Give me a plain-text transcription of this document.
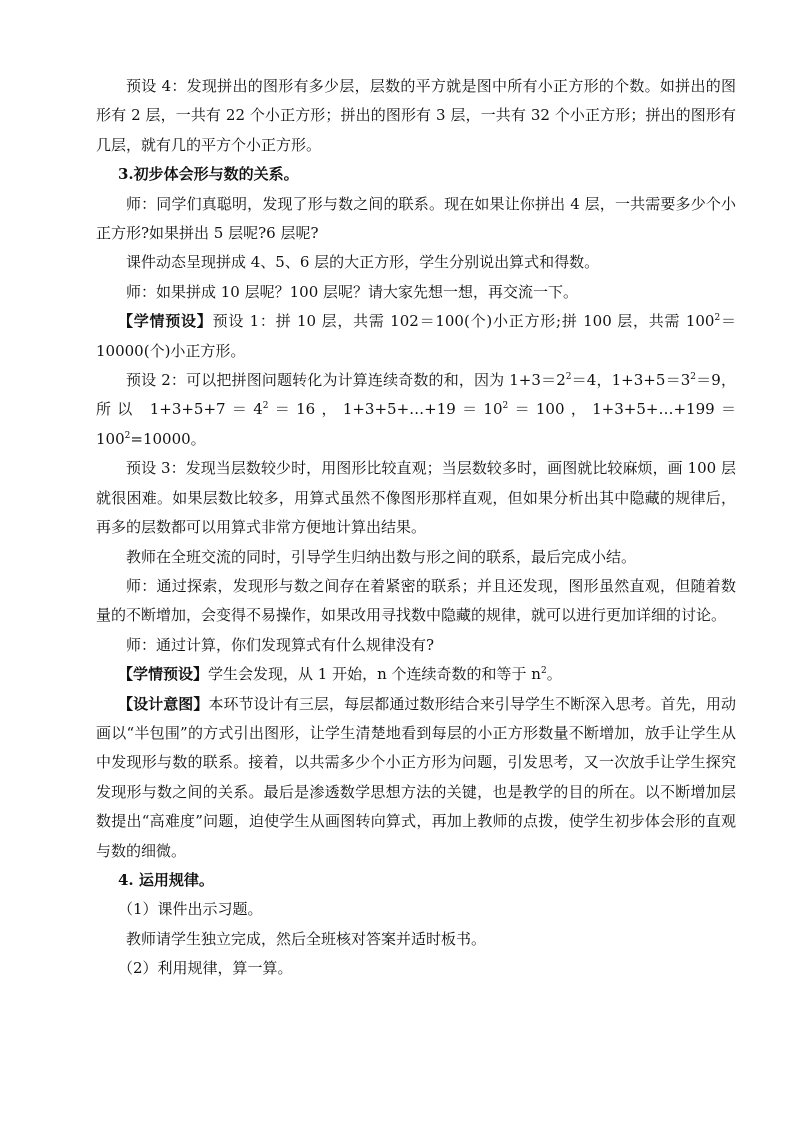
预设 4：发现拼出的图形有多少层，层数的平方就是图中所有小正方形的个数。如拼出的图形有 2 层，一共有 22 个小正方形；拼出的图形有 3 层，一共有 32 个小正方形；拼出的图形有几层，就有几的平方个小正方形。

3.初步体会形与数的关系。

师：同学们真聪明，发现了形与数之间的联系。现在如果让你拼出 4 层，一共需要多少个小正方形?如果拼出 5 层呢?6 层呢?

课件动态呈现拼成 4、5、6 层的大正方形，学生分别说出算式和得数。

师：如果拼成 10 层呢？100 层呢？请大家先想一想，再交流一下。

【学情预设】预设 1：拼 10 层，共需 102＝100(个)小正方形;拼 100 层，共需 $100^2=10000$(个)小正方形。

预设 2：可以把拼图问题转化为计算连续奇数的和，因为 $1+3=2^2=4$，$1+3+5=3^2=9$，所以 $1+3+5+7=4^2=16$，$1+3+5+\dots+19=10^2=100$，$1+3+5+\dots+199=100^2=10000$。

预设 3：发现当层数较少时，用图形比较直观；当层数较多时，画图就比较麻烦，画 100 层就很困难。如果层数比较多，用算式虽然不像图形那样直观，但如果分析出其中隐藏的规律后，再多的层数都可以用算式非常方便地计算出结果。

教师在全班交流的同时，引导学生归纳出数与形之间的联系，最后完成小结。

师：通过探索，发现形与数之间存在着紧密的联系；并且还发现，图形虽然直观，但随着数量的不断增加，会变得不易操作，如果改用寻找数中隐藏的规律，就可以进行更加详细的讨论。

师：通过计算，你们发现算式有什么规律没有?

【学情预设】学生会发现，从 1 开始，n 个连续奇数的和等于 $n^2$。

【设计意图】本环节设计有三层，每层都通过数形结合来引导学生不断深入思考。首先，用动画以“半包围”的方式引出图形，让学生清楚地看到每层的小正方形数量不断增加，放手让学生从中发现形与数的联系。接着，以共需多少个小正方形为问题，引发思考，又一次放手让学生探究发现形与数之间的关系。最后是渗透数学思想方法的关键，也是教学的目的所在。以不断增加层数提出“高难度”问题，迫使学生从画图转向算式，再加上教师的点拨，使学生初步体会形的直观与数的细微。

4. 运用规律。

（1）课件出示习题。

教师请学生独立完成，然后全班核对答案并适时板书。

（2）利用规律，算一算。
